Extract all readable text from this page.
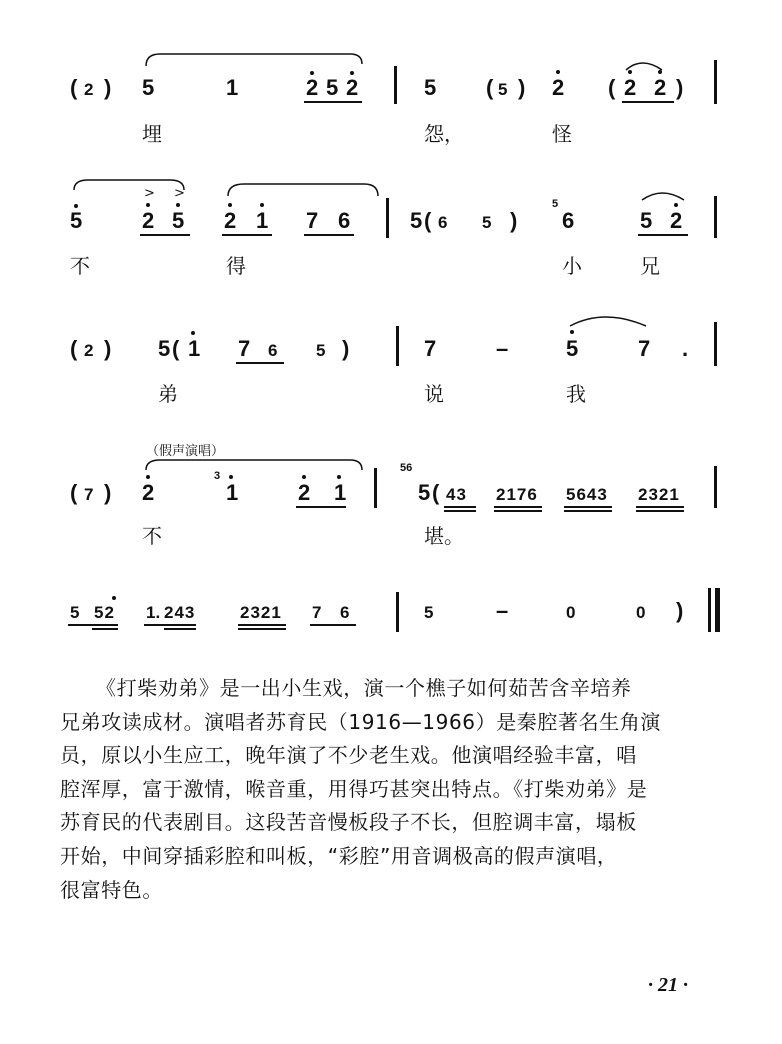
( 2 ) 5	1	2 5 2	5 ( 5 ) 2 ( 2 2 )
埋	怨，	怪
5	2 5
> >
2 1 7 6	5 ( 6 5 )
5
6	5 2
不	得	小	兄
( 2 ) 5 ( 1 7 6 5 )	7	–	5	7 .
弟	说	我
（假声演唱）
( 7 ) 2
3
1	2 1
56
5 ( 43 2176 5643 2321
不	堪。
5 52 1. 243	2321 7 6	5	–	0	0 )

《打柴劝弟》是一出小生戏，演一个樵子如何茹苦含辛培养

兄弟攻读成材。演唱者苏育民（1916—1966）是秦腔著名生角演

员，原以小生应工，晚年演了不少老生戏。他演唱经验丰富，唱

腔浑厚，富于激情，喉音重，用得巧甚突出特点。《打柴劝弟》是

苏育民的代表剧目。这段苦音慢板段子不长，但腔调丰富，塌板

开始，中间穿插彩腔和叫板，“彩腔”用音调极高的假声演唱，

很富特色。

· 21 ·
